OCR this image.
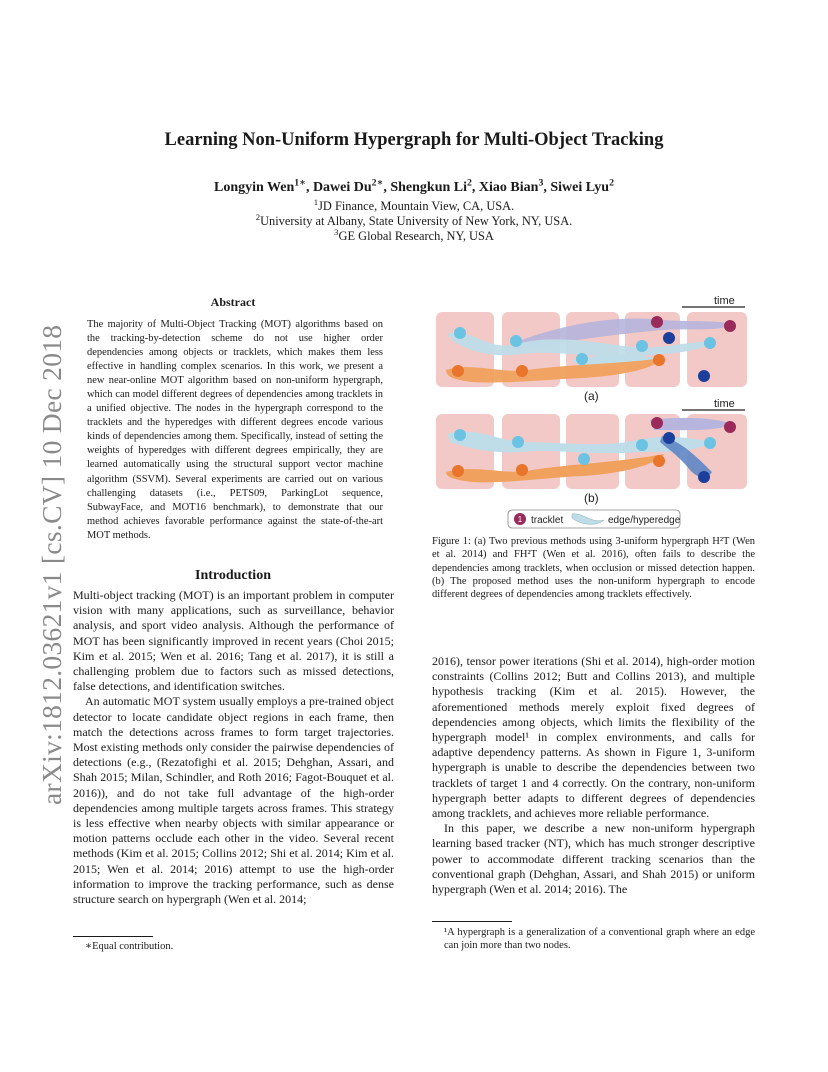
arXiv:1812.03621v1 [cs.CV] 10 Dec 2018
Learning Non-Uniform Hypergraph for Multi-Object Tracking
Longyin Wen$^{1∗}$, Dawei $Du^{2∗}$, Shengkun Li$^2$, Xiao Bian$^3$, Siwei Lyu$^2$
$^1$JD Finance, Mountain View, CA, USA.
$^2$University at Albany, State University of New York, NY, USA.
$^3$GE Global Research, NY, USA
Abstract
The majority of Multi-Object Tracking (MOT) algorithms based on the tracking-by-detection scheme do not use higher order dependencies among objects or tracklets, which makes them less effective in handling complex scenarios. In this work, we present a new near-online MOT algorithm based on non-uniform hypergraph, which can model different degrees of dependencies among tracklets in a unified objective. The nodes in the hypergraph correspond to the tracklets and the hyperedges with different degrees encode various kinds of dependencies among them. Specifically, instead of setting the weights of hyperedges with different degrees empirically, they are learned automatically using the structural support vector machine algorithm (SSVM). Several experiments are carried out on various challenging datasets (i.e., PETS09, ParkingLot sequence, SubwayFace, and MOT16 benchmark), to demonstrate that our method achieves favorable performance against the state-of-the-art MOT methods.
Introduction

Multi-object tracking (MOT) is an important problem in computer vision with many applications, such as surveillance, behavior analysis, and sport video analysis. Although the performance of MOT has been significantly improved in recent years (Choi 2015; Kim et al. 2015; Wen et al. 2016; Tang et al. 2017), it is still a challenging problem due to factors such as missed detections, false detections, and identification switches.

An automatic MOT system usually employs a pre-trained object detector to locate candidate object regions in each frame, then match the detections across frames to form target trajectories. Most existing methods only consider the pairwise dependencies of detections (e.g., (Rezatofighi et al. 2015; Dehghan, Assari, and Shah 2015; Milan, Schindler, and Roth 2016; Fagot-Bouquet et al. 2016)), and do not take full advantage of the high-order dependencies among multiple targets across frames. This strategy is less effective when nearby objects with similar appearance or motion patterns occlude each other in the video. Several recent methods (Kim et al. 2015; Collins 2012; Shi et al. 2014; Kim et al. 2015; Wen et al. 2014; 2016) attempt to use the high-order information to improve the tracking performance, such as dense structure search on hypergraph (Wen et al. 2014;

∗Equal contribution.
time
(a)
time
(b)
1 tracklet	edge/hyperedge
Figure 1: (a) Two previous methods using 3-uniform hypergraph H²T (Wen et al. 2014) and FH²T (Wen et al. 2016), often fails to describe the dependencies among tracklets, when occlusion or missed detection happen. (b) The proposed method uses the non-uniform hypergraph to encode different degrees of dependencies among tracklets effectively.

2016), tensor power iterations (Shi et al. 2014), high-order motion constraints (Collins 2012; Butt and Collins 2013), and multiple hypothesis tracking (Kim et al. 2015). However, the aforementioned methods merely exploit fixed degrees of dependencies among objects, which limits the flexibility of the hypergraph model¹ in complex environments, and calls for adaptive dependency patterns. As shown in Figure 1, 3-uniform hypergraph is unable to describe the dependencies between two tracklets of target 1 and 4 correctly. On the contrary, non-uniform hypergraph better adapts to different degrees of dependencies among tracklets, and achieves more reliable performance.

In this paper, we describe a new non-uniform hypergraph learning based tracker (NT), which has much stronger descriptive power to accommodate different tracking scenarios than the conventional graph (Dehghan, Assari, and Shah 2015) or uniform hypergraph (Wen et al. 2014; 2016). The

¹A hypergraph is a generalization of a conventional graph where an edge can join more than two nodes.
